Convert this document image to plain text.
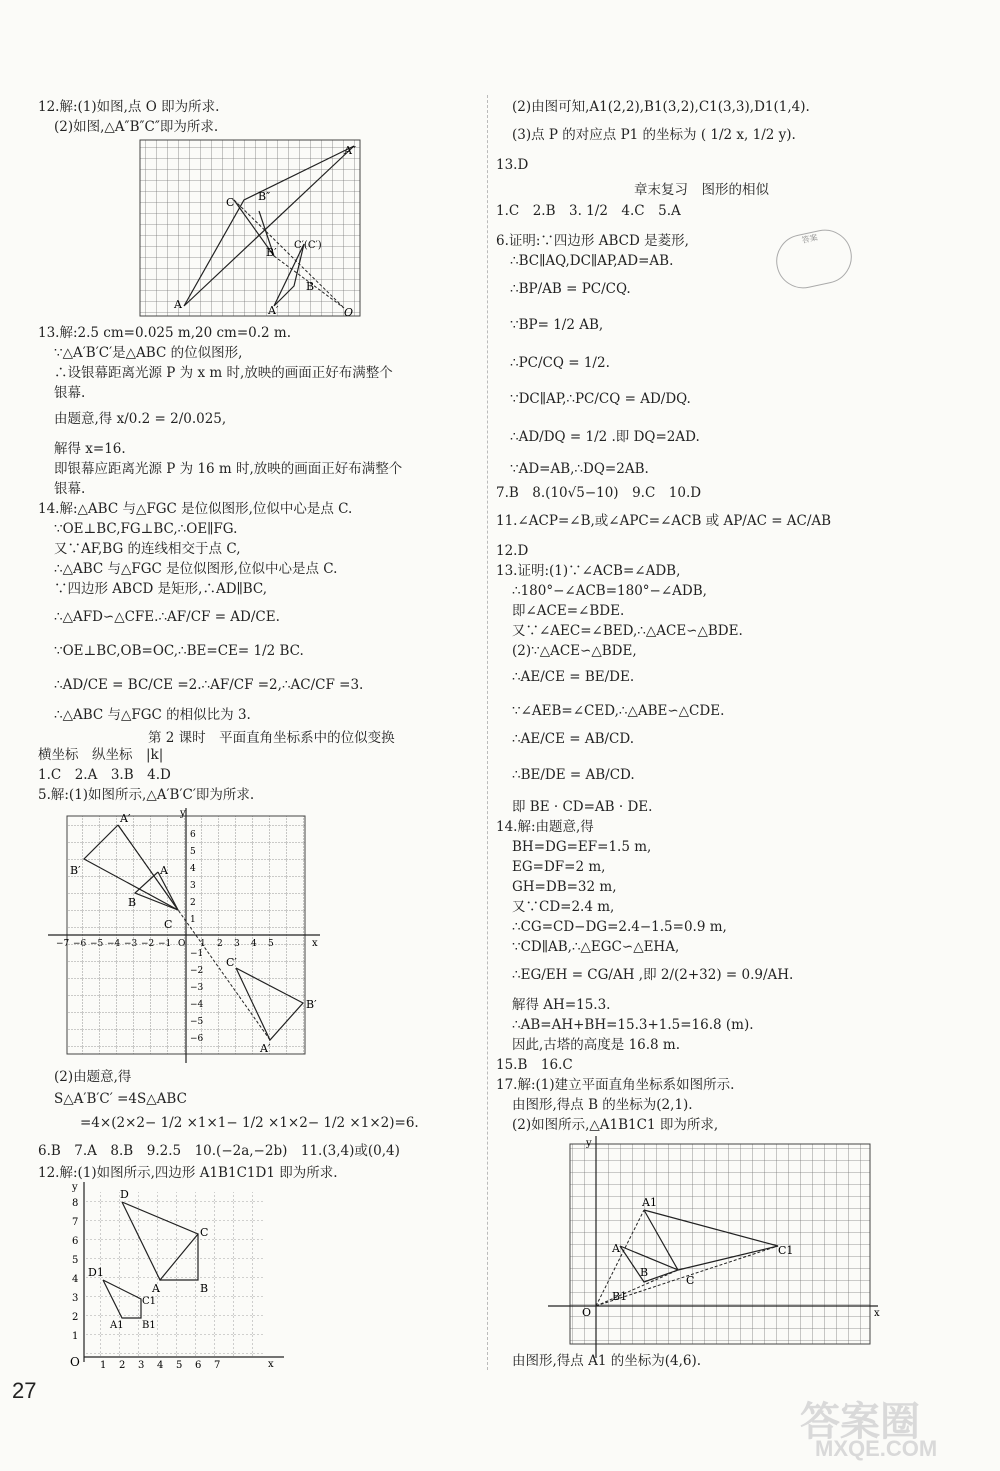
12.解:(1)如图,点 O 即为所求.
(2)如图,△A″B″C″即为所求.
A″
B″
C
B′
C′(C′)
B
A	A′	O
13.解:2.5 cm=0.025 m,20 cm=0.2 m.
∵△A′B′C′是△ABC 的位似图形,
∴设银幕距离光源 P 为 x m 时,放映的画面正好布满整个
银幕.
由题意,得 x/0.2 = 2/0.025,
解得 x=16.
即银幕应距离光源 P 为 16 m 时,放映的画面正好布满整个
银幕.
14.解:△ABC 与△FGC 是位似图形,位似中心是点 C.
∵OE⊥BC,FG⊥BC,∴OE∥FG.
又∵AF,BG 的连线相交于点 C,
∴△ABC 与△FGC 是位似图形,位似中心是点 C.
∵四边形 ABCD 是矩形,∴AD∥BC,
∴△AFD∽△CFE.∴AF/CF = AD/CE.
∵OE⊥BC,OB=OC,∴BE=CE= 1/2 BC.
∴AD/CE = BC/CE =2.∴AF/CF =2,∴AC/CF =3.
∴△ABC 与△FGC 的相似比为 3.
第 2 课时　平面直角坐标系中的位似变换
横坐标　纵坐标　|k|
1.C　2.A　3.B　4.D
5.解:(1)如图所示,△A′B′C′即为所求.
A′
B′	A
B
C
C′
A′
B′
x
y
−7 −6 −5 −4 −3 −2 −1 O 1 2 3 4 5
6
5
4
3
2
1
−1
−2
−3
−4
−5
−6
(2)由题意,得
S△A′B′C′ =4S△ABC
=4×(2×2− 1/2 ×1×1− 1/2 ×1×2− 1/2 ×1×2)=6.
6.B　7.A　8.B　9.2.5　10.(−2a,−2b)　11.(3,4)或(0,4)
12.解:(1)如图所示,四边形 A1B1C1D1 即为所求.
D
C
D1
A	B
A1 B1
C1
x
y
O 1 2 3 4 5 6 7
8
7
6
5
4
3
2
1
(2)由图可知,A1(2,2),B1(3,2),C1(3,3),D1(1,4).
(3)点 P 的对应点 P1 的坐标为 ( 1/2 x, 1/2 y).
13.D
章末复习　图形的相似
1.C　2.B　3. 1/2　4.C　5.A
6.证明:∵四边形 ABCD 是菱形,
∴BC∥AQ,DC∥AP,AD=AB.
∴BP/AB = PC/CQ.
∵BP= 1/2 AB,
∴PC/CQ = 1/2.
∵DC∥AP,∴PC/CQ = AD/DQ.
∴AD/DQ = 1/2 .即 DQ=2AD.
∵AD=AB,∴DQ=2AB.
7.B　8.(10√5−10)　9.C　10.D
11.∠ACP=∠B,或∠APC=∠ACB 或 AP/AC = AC/AB
12.D
13.证明:(1)∵∠ACB=∠ADB,
∴180°−∠ACB=180°−∠ADB,
即∠ACE=∠BDE.
又∵∠AEC=∠BED,∴△ACE∽△BDE.
(2)∵△ACE∽△BDE,
∴AE/CE = BE/DE.
∵∠AEB=∠CED,∴△ABE∽△CDE.
∴AE/CE = AB/CD.
∴BE/DE = AB/CD.
即 BE · CD=AB · DE.
14.解:由题意,得
BH=DG=EF=1.5 m,
EG=DF=2 m,
GH=DB=32 m,
又∵CD=2.4 m,
∴CG=CD−DG=2.4−1.5=0.9 m,
∵CD∥AB,∴△EGC∽△EHA,
∴EG/EH = CG/AH ,即 2/(2+32) = 0.9/AH.
解得 AH=15.3.
∴AB=AH+BH=15.3+1.5=16.8 (m).
因此,古塔的高度是 16.8 m.
15.B　16.C
17.解:(1)建立平面直角坐标系如图所示.
由图形,得点 B 的坐标为(2,1).
(2)如图所示,△A1B1C1 即为所求,
A1
A
B
C
C1
B1
O	x
y
由图形,得点 A1 的坐标为(4,6).
答案
27
答案圈
MXQE.COM
